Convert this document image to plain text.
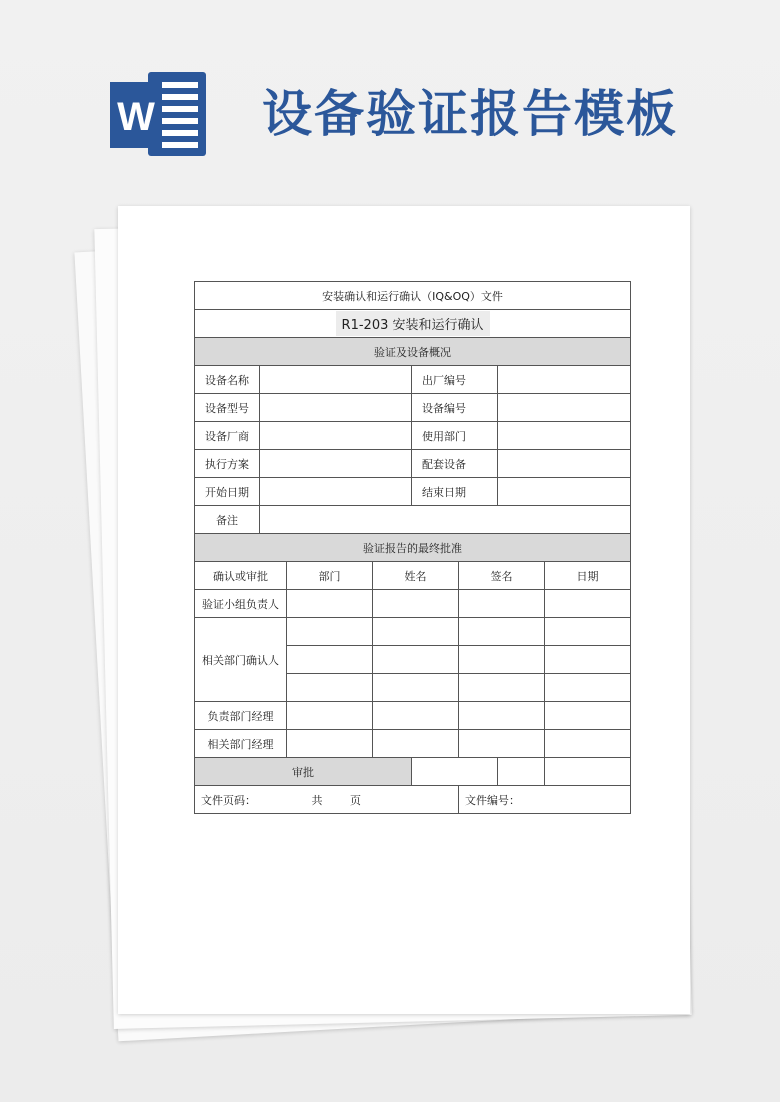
W 设备验证报告模板
安装确认和运行确认（IQ&OQ）文件							
R1-203 安装和运行确认							
验证及设备概况							
设备名称				出厂编号			
设备型号				设备编号			
设备厂商				使用部门			
执行方案				配套设备			
开始日期				结束日期			
备注							
验证报告的最终批准							
确认或审批		部门	姓名		签名		日期
验证小组负责人							
相关部门确认人							

负责部门经理							
相关部门经理							
审批							
文件页码： 共 页					文件编号：		
